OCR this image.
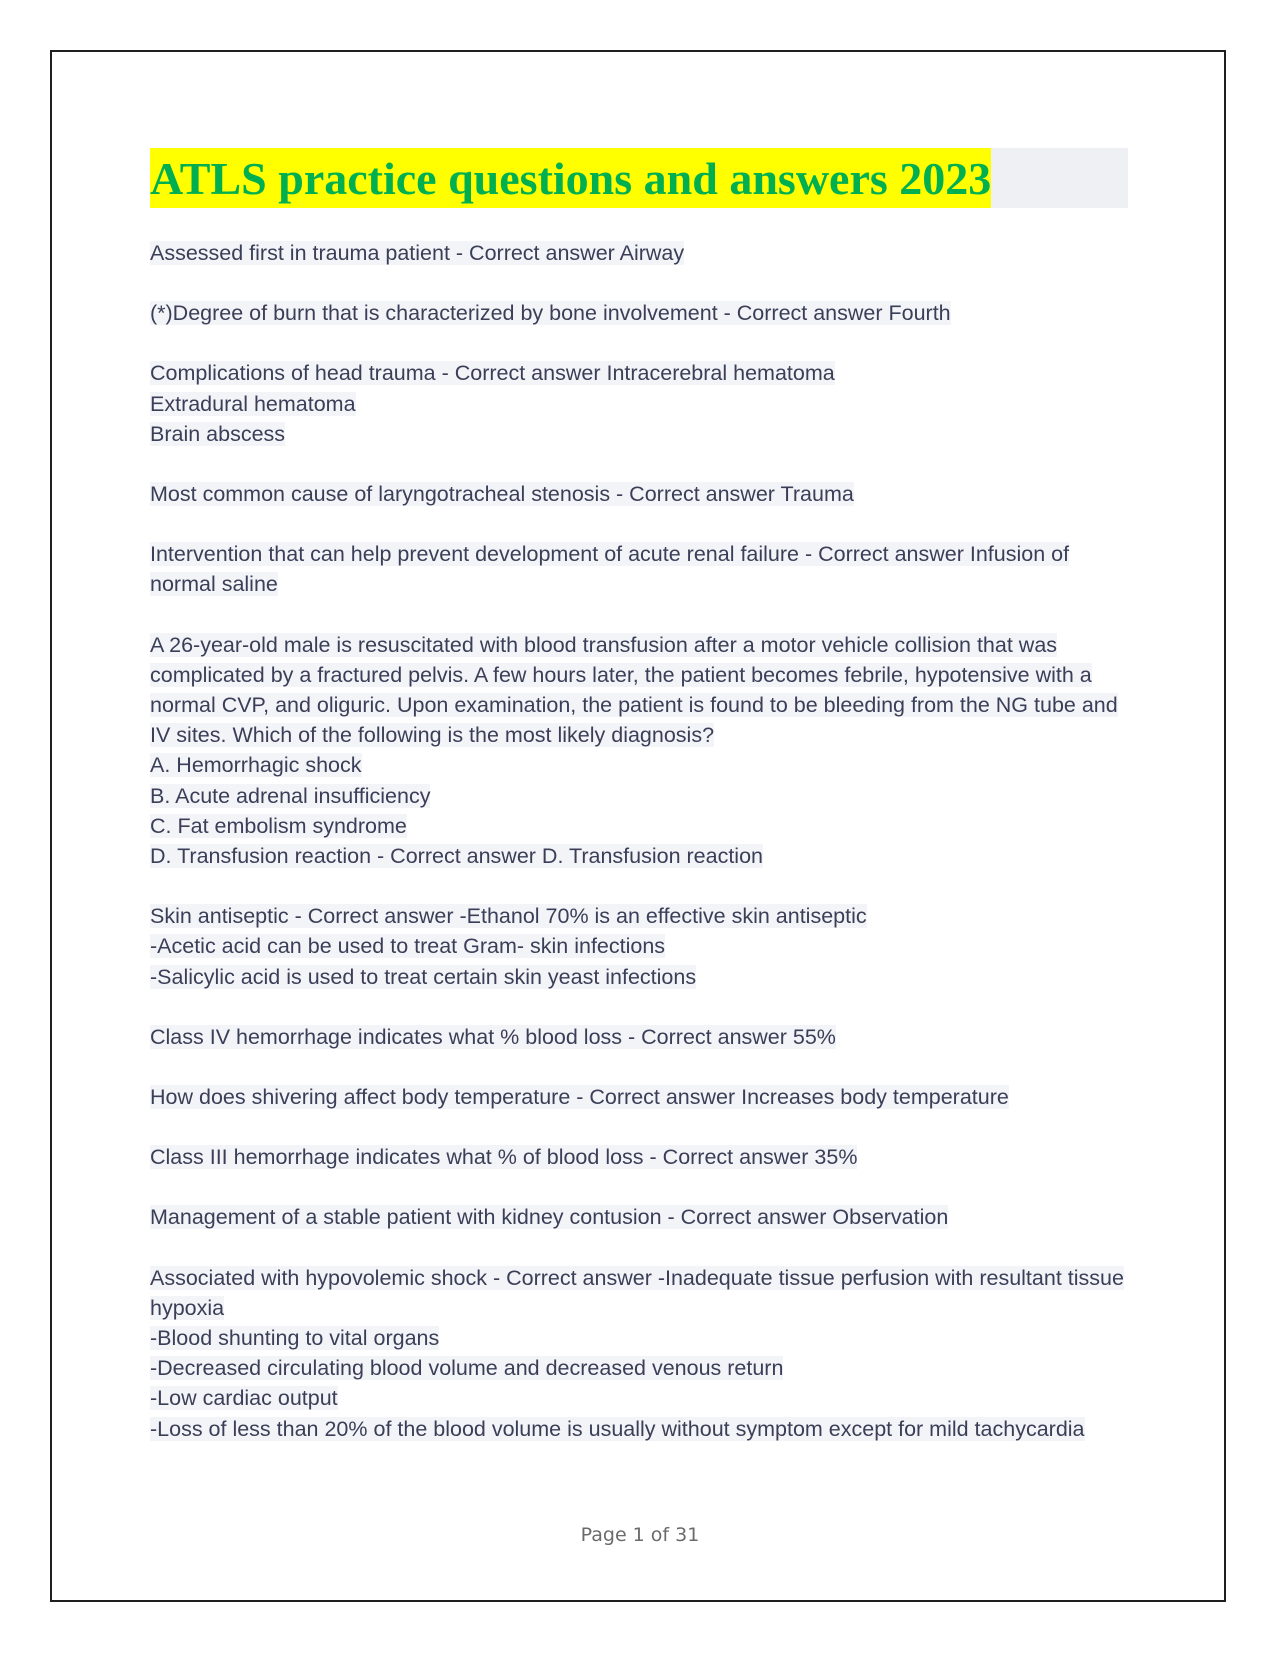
ATLS practice questions and answers 2023
Assessed first in trauma patient - Correct answer Airway
(*)Degree of burn that is characterized by bone involvement - Correct answer Fourth
Complications of head trauma - Correct answer Intracerebral hematoma
Extradural hematoma
Brain abscess
Most common cause of laryngotracheal stenosis - Correct answer Trauma
Intervention that can help prevent development of acute renal failure - Correct answer Infusion of normal saline
A 26-year-old male is resuscitated with blood transfusion after a motor vehicle collision that was complicated by a fractured pelvis. A few hours later, the patient becomes febrile, hypotensive with a normal CVP, and oliguric. Upon examination, the patient is found to be bleeding from the NG tube and IV sites. Which of the following is the most likely diagnosis?
A. Hemorrhagic shock
B. Acute adrenal insufficiency
C. Fat embolism syndrome
D. Transfusion reaction - Correct answer D. Transfusion reaction
Skin antiseptic - Correct answer -Ethanol 70% is an effective skin antiseptic
-Acetic acid can be used to treat Gram- skin infections
-Salicylic acid is used to treat certain skin yeast infections
Class IV hemorrhage indicates what % blood loss - Correct answer 55%
How does shivering affect body temperature - Correct answer Increases body temperature
Class III hemorrhage indicates what % of blood loss - Correct answer 35%
Management of a stable patient with kidney contusion - Correct answer Observation
Associated with hypovolemic shock - Correct answer -Inadequate tissue perfusion with resultant tissue hypoxia
-Blood shunting to vital organs
-Decreased circulating blood volume and decreased venous return
-Low cardiac output
-Loss of less than 20% of the blood volume is usually without symptom except for mild tachycardia
Page 1 of 31
